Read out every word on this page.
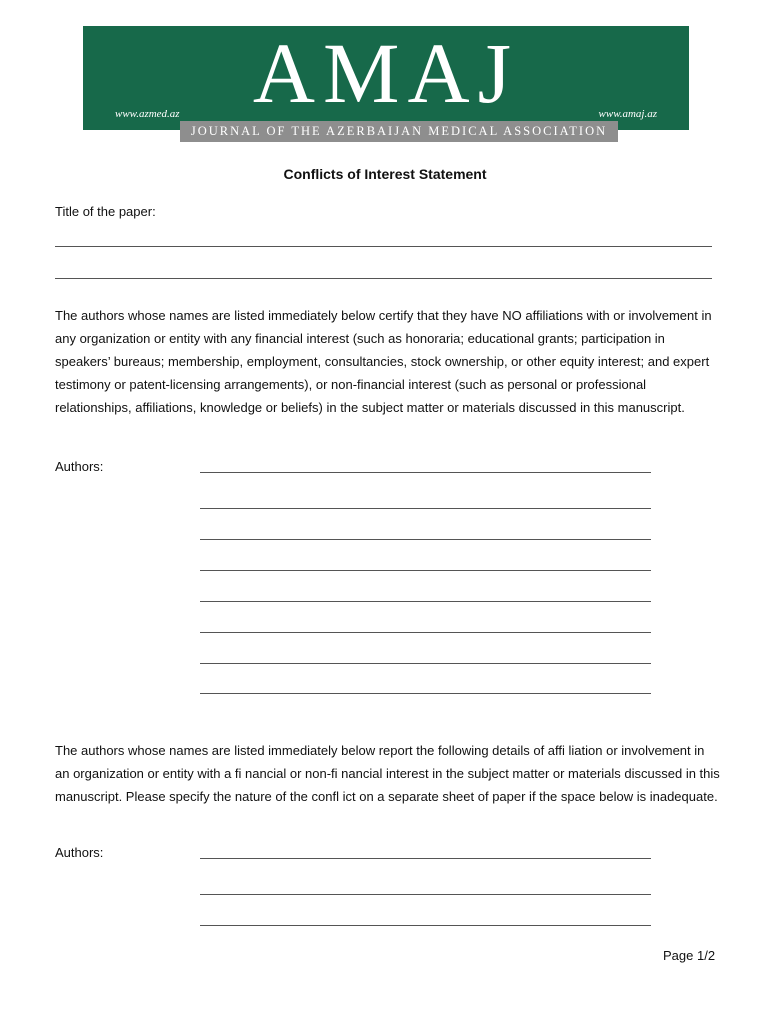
AMAJ
www.azmed.az	www.amaj.az
JOURNAL OF THE AZERBAIJAN MEDICAL ASSOCIATION
Conflicts of Interest Statement
Title of the paper:

The authors whose names are listed immediately below certify that they have NO affiliations with or involvement in any organization or entity with any financial interest (such as honoraria; educational grants; participation in speakers’ bureaus; membership, employment, consultancies, stock ownership, or other equity interest; and expert testimony or patent-licensing arrangements), or non-financial interest (such as personal or professional relationships, affiliations, knowledge or beliefs) in the subject matter or materials discussed in this manuscript.

Authors:

The authors whose names are listed immediately below report the following details of affi liation or involvement in an organization or entity with a fi nancial or non-fi nancial interest in the subject matter or materials discussed in this manuscript. Please specify the nature of the confl ict on a separate sheet of paper if the space below is inadequate.

Authors:
Page 1/2
